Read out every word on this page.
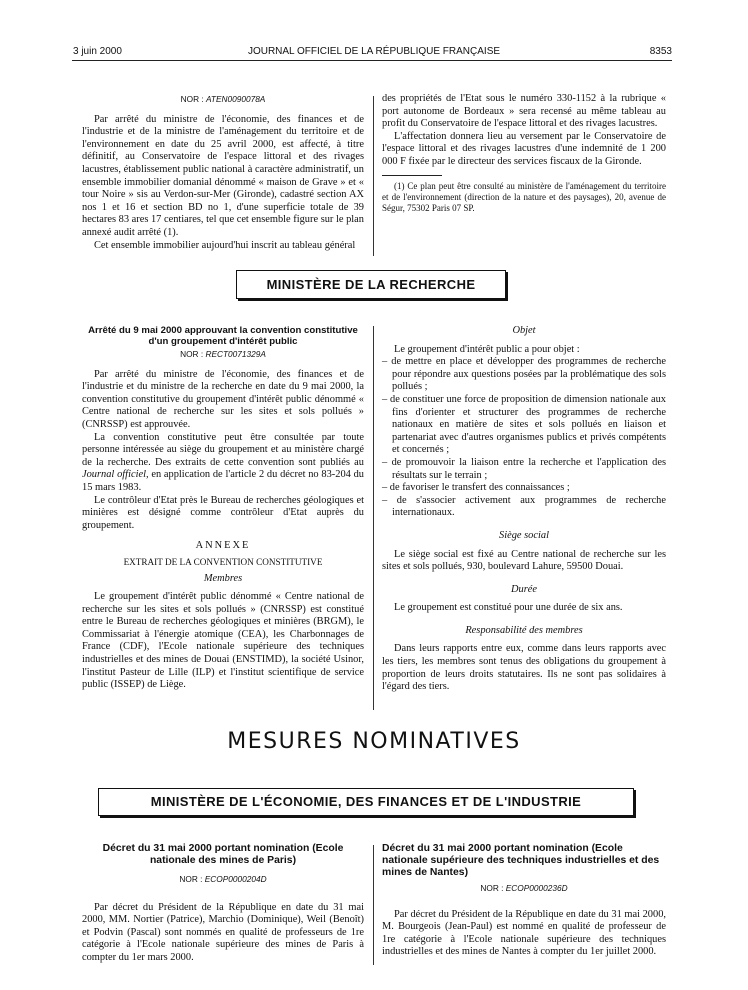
3 juin 2000	JOURNAL OFFICIEL DE LA RÉPUBLIQUE FRANÇAISE	8353

NOR : ATEN0090078A

Par arrêté du ministre de l'économie, des finances et de l'industrie et de la ministre de l'aménagement du territoire et de l'environnement en date du 25 avril 2000, est affecté, à titre définitif, au Conservatoire de l'espace littoral et des rivages lacustres, établissement public national à caractère administratif, un ensemble immobilier domanial dénommé « maison de Grave » et « tour Noire » sis au Verdon-sur-Mer (Gironde), cadastré section AX nos 1 et 16 et section BD no 1, d'une superficie totale de 39 hectares 83 ares 17 centiares, tel que cet ensemble figure sur le plan annexé audit arrêté (1).

Cet ensemble immobilier aujourd'hui inscrit au tableau général

des propriétés de l'Etat sous le numéro 330-1152 à la rubrique « port autonome de Bordeaux » sera recensé au même tableau au profit du Conservatoire de l'espace littoral et des rivages lacustres.

L'affectation donnera lieu au versement par le Conservatoire de l'espace littoral et des rivages lacustres d'une indemnité de 1 200 000 F fixée par le directeur des services fiscaux de la Gironde.

(1) Ce plan peut être consulté au ministère de l'aménagement du territoire et de l'environnement (direction de la nature et des paysages), 20, avenue de Ségur, 75302 Paris 07 SP.

MINISTÈRE DE LA RECHERCHE

Arrêté du 9 mai 2000 approuvant la convention constitutive d'un groupement d'intérêt public

NOR : RECT0071329A

Par arrêté du ministre de l'économie, des finances et de l'industrie et du ministre de la recherche en date du 9 mai 2000, la convention constitutive du groupement d'intérêt public dénommé « Centre national de recherche sur les sites et sols pollués » (CNRSSP) est approuvée.

La convention constitutive peut être consultée par toute personne intéressée au siège du groupement et au ministère chargé de la recherche. Des extraits de cette convention sont publiés au Journal officiel, en application de l'article 2 du décret no 83-204 du 15 mars 1983.

Le contrôleur d'Etat près le Bureau de recherches géologiques et minières est désigné comme contrôleur d'Etat auprès du groupement.

ANNEXE

EXTRAIT DE LA CONVENTION CONSTITUTIVE

Membres

Le groupement d'intérêt public dénommé « Centre national de recherche sur les sites et sols pollués » (CNRSSP) est constitué entre le Bureau de recherches géologiques et minières (BRGM), le Commissariat à l'énergie atomique (CEA), les Charbonnages de France (CDF), l'Ecole nationale supérieure des techniques industrielles et des mines de Douai (ENSTIMD), la société Usinor, l'institut Pasteur de Lille (ILP) et l'institut scientifique de service public (ISSEP) de Liège.

Objet

Le groupement d'intérêt public a pour objet :

– de mettre en place et développer des programmes de recherche pour répondre aux questions posées par la problématique des sols pollués ;
– de constituer une force de proposition de dimension nationale aux fins d'orienter et structurer des programmes de recherche nationaux en matière de sites et sols pollués en liaison et partenariat avec d'autres organismes publics et privés compétents et concernés ;
– de promouvoir la liaison entre la recherche et l'application des résultats sur le terrain ;
– de favoriser le transfert des connaissances ;
– de s'associer activement aux programmes de recherche internationaux.

Siège social

Le siège social est fixé au Centre national de recherche sur les sites et sols pollués, 930, boulevard Lahure, 59500 Douai.

Durée

Le groupement est constitué pour une durée de six ans.

Responsabilité des membres

Dans leurs rapports entre eux, comme dans leurs rapports avec les tiers, les membres sont tenus des obligations du groupement à proportion de leurs droits statutaires. Ils ne sont pas solidaires à l'égard des tiers.

MESURES NOMINATIVES
MINISTÈRE DE L'ÉCONOMIE, DES FINANCES ET DE L'INDUSTRIE

Décret du 31 mai 2000 portant nomination (Ecole nationale des mines de Paris)

NOR : ECOP0000204D

Par décret du Président de la République en date du 31 mai 2000, MM. Nortier (Patrice), Marchio (Dominique), Weil (Benoît) et Podvin (Pascal) sont nommés en qualité de professeurs de 1re catégorie à l'Ecole nationale supérieure des mines de Paris à compter du 1er mars 2000.

Décret du 31 mai 2000 portant nomination (Ecole nationale supérieure des techniques industrielles et des mines de Nantes)

NOR : ECOP0000236D

Par décret du Président de la République en date du 31 mai 2000, M. Bourgeois (Jean-Paul) est nommé en qualité de professeur de 1re catégorie à l'Ecole nationale supérieure des techniques industrielles et des mines de Nantes à compter du 1er juillet 2000.
